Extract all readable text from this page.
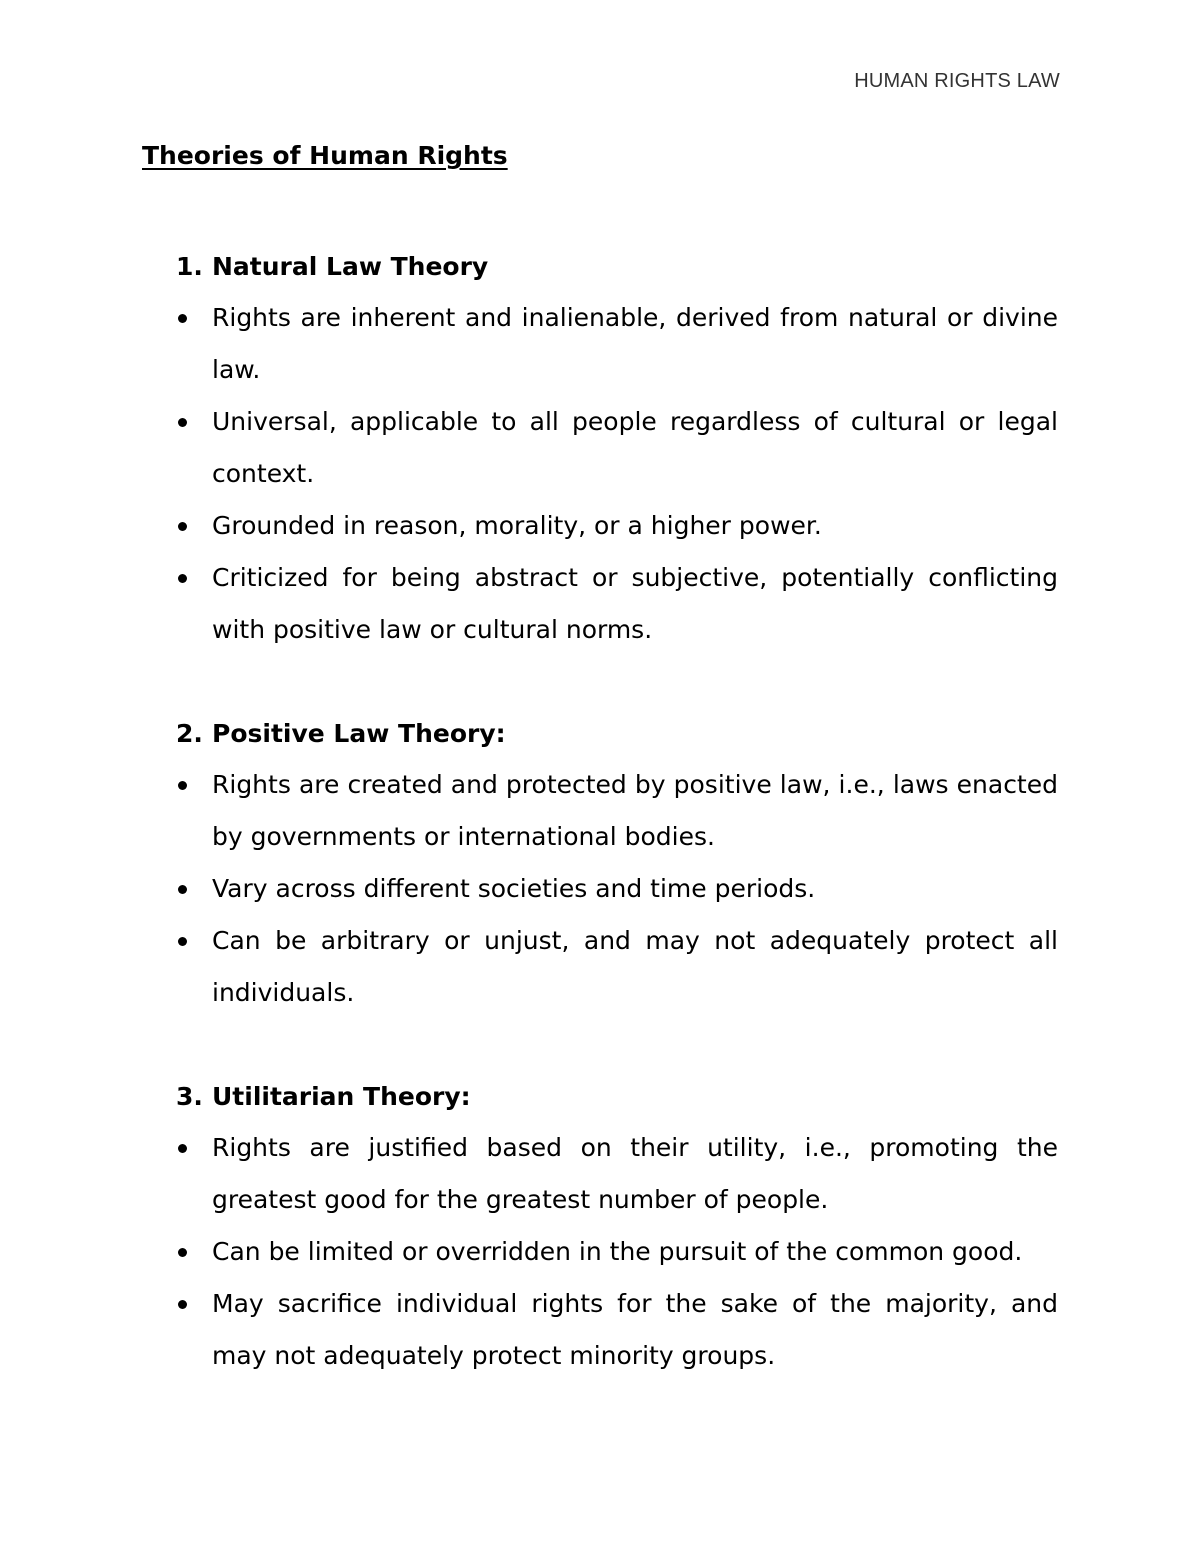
HUMAN RIGHTS LAW
Theories of Human Rights
1. Natural Law Theory
Rights are inherent and inalienable, derived from natural or divine law.
Universal, applicable to all people regardless of cultural or legal context.
Grounded in reason, morality, or a higher power.
Criticized for being abstract or subjective, potentially conflicting with positive law or cultural norms.
2. Positive Law Theory:
Rights are created and protected by positive law, i.e., laws enacted by governments or international bodies.
Vary across different societies and time periods.
Can be arbitrary or unjust, and may not adequately protect all individuals.
3. Utilitarian Theory:
Rights are justified based on their utility, i.e., promoting the greatest good for the greatest number of people.
Can be limited or overridden in the pursuit of the common good.
May sacrifice individual rights for the sake of the majority, and may not adequately protect minority groups.
